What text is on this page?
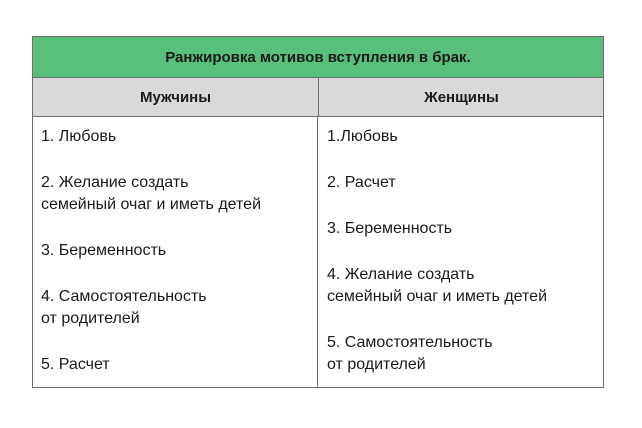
Ранжировка мотивов вступления в брак.
Мужчины	Женщины
1. Любовь
2. Желание создать
семейный очаг и иметь детей
3. Беременность
4. Самостоятельность
от родителей
5. Расчет
1.Любовь
2. Расчет
3. Беременность
4. Желание создать
семейный очаг и иметь детей
5. Самостоятельность
от родителей
